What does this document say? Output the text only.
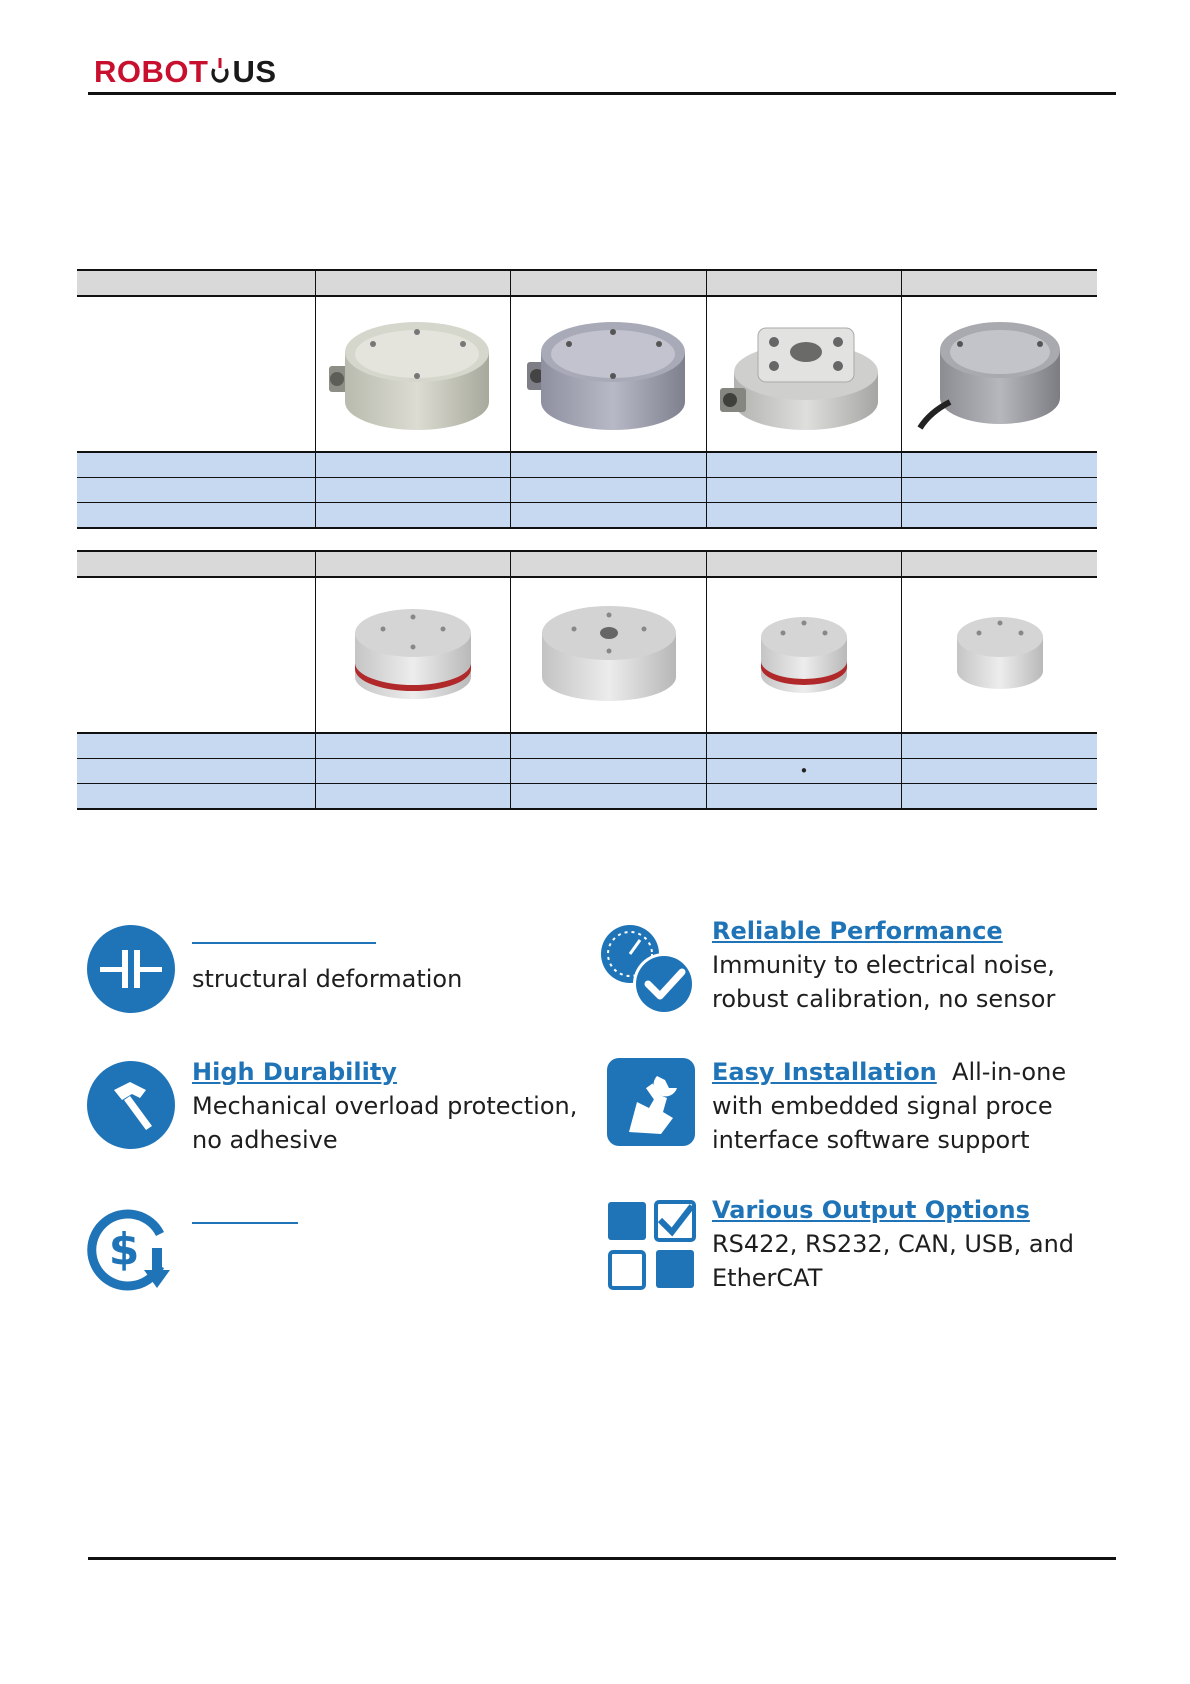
ROBOT US

			•	

structural deformation
Reliable Performance
Immunity to electrical noise, robust calibration, no sensor
High Durability
Mechanical overload protection, no adhesive
Easy Installation All-in-one
with embedded signal proce interface software support
$
Various Output Options
RS422, RS232, CAN, USB, and EtherCAT
